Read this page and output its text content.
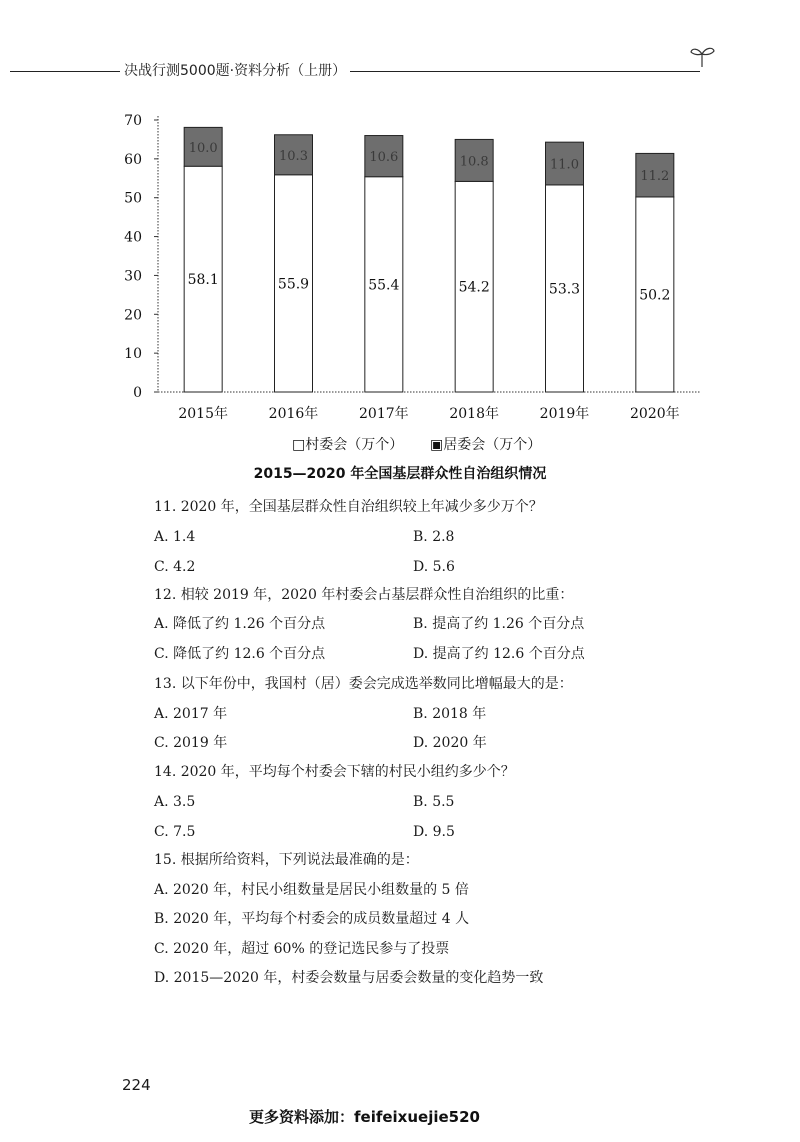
决战行测5000题·资料分析（上册）
0
10
20
30
40
50
60
70
58.1
10.0
2015年
55.9
10.3
2016年
55.4
10.6
2017年
54.2
10.8
2018年
53.3
11.0
2019年
50.2
11.2
2020年
□村委会（万个） ▣居委会（万个）
2015—2020 年全国基层群众性自治组织情况
11. 2020 年，全国基层群众性自治组织较上年减少多少万个？
A. 1.4	B. 2.8
C. 4.2	D. 5.6
12. 相较 2019 年，2020 年村委会占基层群众性自治组织的比重：
A. 降低了约 1.26 个百分点	B. 提高了约 1.26 个百分点
C. 降低了约 12.6 个百分点	D. 提高了约 12.6 个百分点
13. 以下年份中，我国村（居）委会完成选举数同比增幅最大的是：
A. 2017 年	B. 2018 年
C. 2019 年	D. 2020 年
14. 2020 年，平均每个村委会下辖的村民小组约多少个？
A. 3.5	B. 5.5
C. 7.5	D. 9.5
15. 根据所给资料，下列说法最准确的是：
A. 2020 年，村民小组数量是居民小组数量的 5 倍
B. 2020 年，平均每个村委会的成员数量超过 4 人
C. 2020 年，超过 60% 的登记选民参与了投票
D. 2015—2020 年，村委会数量与居委会数量的变化趋势一致
224
更多资料添加：feifeixuejie520
